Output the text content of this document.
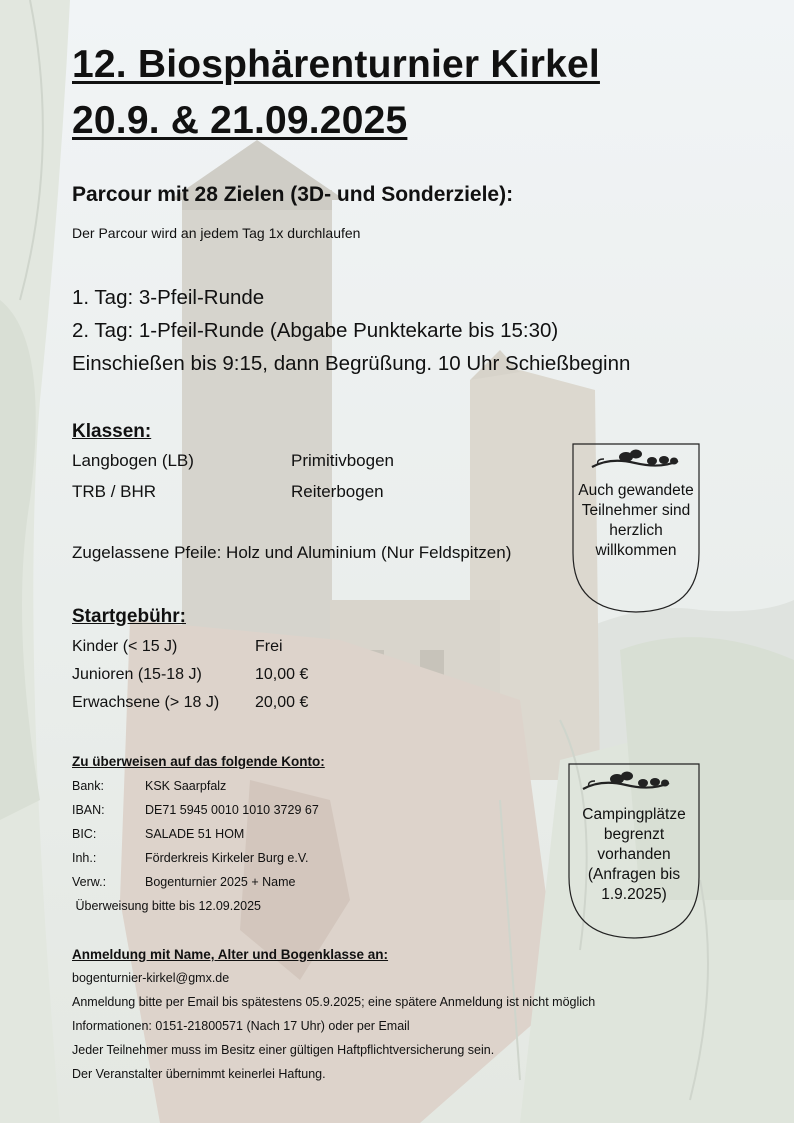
12. Biosphärenturnier Kirkel
20.9. & 21.09.2025
Parcour mit 28 Zielen (3D- und Sonderziele):
Der Parcour wird an jedem Tag 1x durchlaufen
1. Tag: 3-Pfeil-Runde
2. Tag: 1-Pfeil-Runde (Abgabe Punktekarte bis 15:30)
Einschießen bis 9:15, dann Begrüßung. 10 Uhr Schießbeginn
Klassen:
Langbogen (LB)	Primitivbogen
TRB / BHR	Reiterbogen
Zugelassene Pfeile: Holz und Aluminium (Nur Feldspitzen)
Auch gewandete Teilnehmer sind herzlich willkommen
Startgebühr:
Kinder (< 15 J)	Frei
Junioren (15-18 J)	10,00 €
Erwachsene (> 18 J) 20,00 €
Zu überweisen auf das folgende Konto:
Bank:	KSK Saarpfalz
IBAN:	DE71 5945 0010 1010 3729 67
BIC:	SALADE 51 HOM
Inh.:	Förderkreis Kirkeler Burg e.V.
Verw.:	Bogenturnier 2025 + Name
Überweisung bitte bis 12.09.2025
Campingplätze begrenzt vorhanden (Anfragen bis 1.9.2025)
Anmeldung mit Name, Alter und Bogenklasse an:
bogenturnier-kirkel@gmx.de
Anmeldung bitte per Email bis spätestens 05.9.2025; eine spätere Anmeldung ist nicht möglich
Informationen: 0151-21800571 (Nach 17 Uhr) oder per Email
Jeder Teilnehmer muss im Besitz einer gültigen Haftpflichtversicherung sein.
Der Veranstalter übernimmt keinerlei Haftung.
